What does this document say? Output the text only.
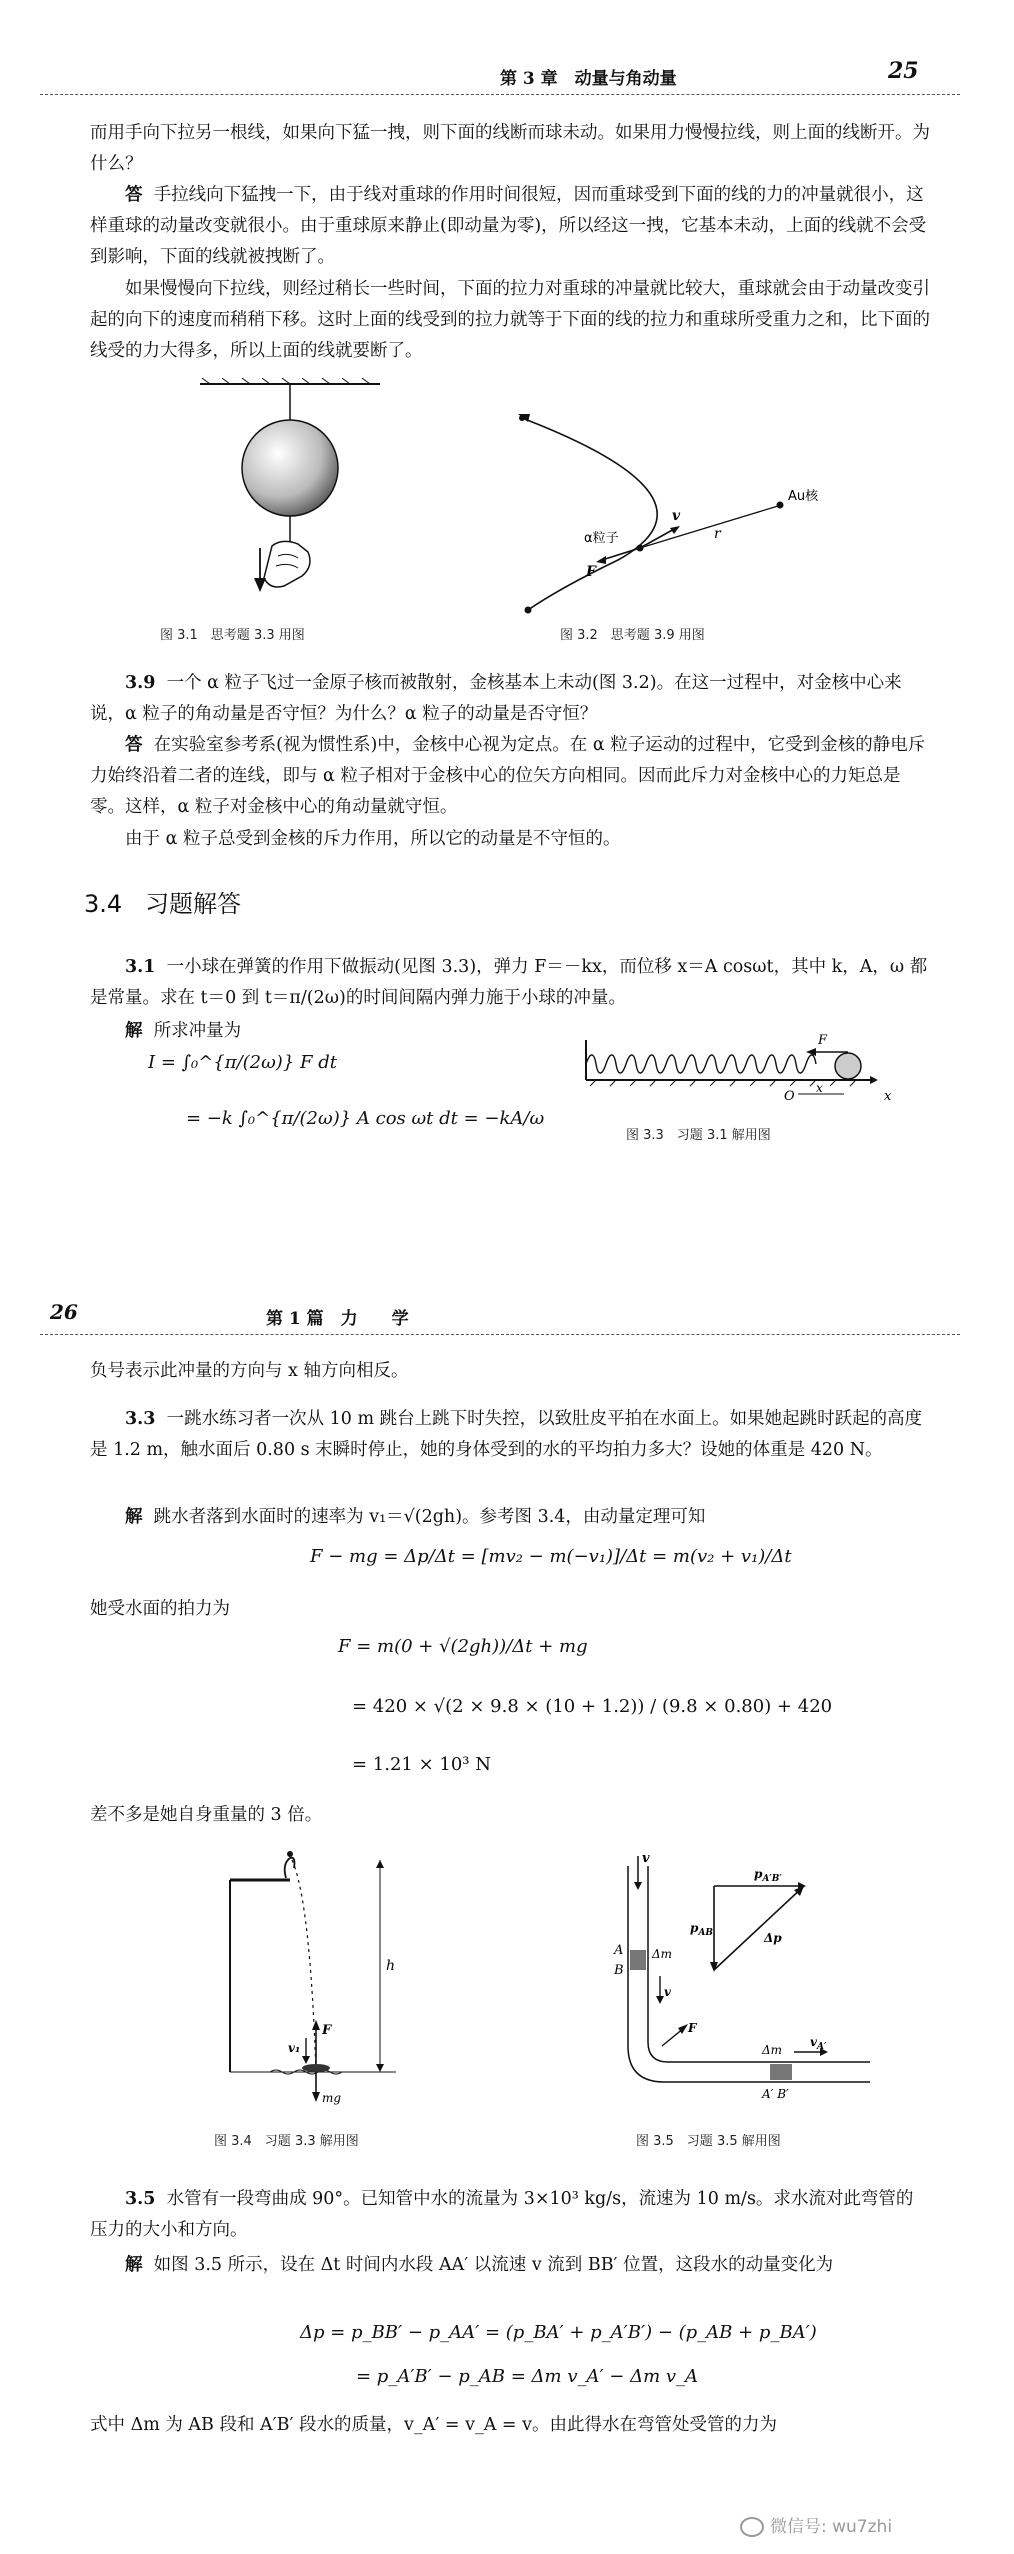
第 3 章　动量与角动量	25
而用手向下拉另一根线，如果向下猛一拽，则下面的线断而球未动。如果用力慢慢拉线，则上面的线断开。为什么？
答 手拉线向下猛拽一下，由于线对重球的作用时间很短，因而重球受到下面的线的力的冲量就很小，这样重球的动量改变就很小。由于重球原来静止(即动量为零)，所以经这一拽，它基本未动，上面的线就不会受到影响，下面的线就被拽断了。
如果慢慢向下拉线，则经过稍长一些时间，下面的拉力对重球的冲量就比较大，重球就会由于动量改变引起的向下的速度而稍稍下移。这时上面的线受到的拉力就等于下面的线的拉力和重球所受重力之和，比下面的线受的力大得多，所以上面的线就要断了。
图 3.1　思考题 3.3 用图
α粒子
v
r
F
Au核
图 3.2　思考题 3.9 用图
3.9 一个 α 粒子飞过一金原子核而被散射，金核基本上未动(图 3.2)。在这一过程中，对金核中心来说，α 粒子的角动量是否守恒？为什么？α 粒子的动量是否守恒？
答 在实验室参考系(视为惯性系)中，金核中心视为定点。在 α 粒子运动的过程中，它受到金核的静电斥力始终沿着二者的连线，即与 α 粒子相对于金核中心的位矢方向相同。因而此斥力对金核中心的力矩总是零。这样，α 粒子对金核中心的角动量就守恒。
由于 α 粒子总受到金核的斥力作用，所以它的动量是不守恒的。
3.4 习题解答
3.1 一小球在弹簧的作用下做振动(见图 3.3)，弹力 F＝－kx，而位移 x＝A cosωt，其中 k，A，ω 都是常量。求在 t＝0 到 t＝π/(2ω)的时间间隔内弹力施于小球的冲量。
解 所求冲量为
I = ∫₀^{π/(2ω)} F dt
= −k ∫₀^{π/(2ω)} A cos ωt dt = −kA/ω
F
O
x
x
图 3.3　习题 3.1 解用图
26	第 1 篇　力　　学
负号表示此冲量的方向与 x 轴方向相反。
3.3 一跳水练习者一次从 10 m 跳台上跳下时失控，以致肚皮平拍在水面上。如果她起跳时跃起的高度是 1.2 m，触水面后 0.80 s 末瞬时停止，她的身体受到的水的平均拍力多大？设她的体重是 420 N。
解 跳水者落到水面时的速率为 v₁＝√(2gh)。参考图 3.4，由动量定理可知
F − mg = Δp/Δt = [mv₂ − m(−v₁)]/Δt = m(v₂ + v₁)/Δt
她受水面的拍力为
F = m(0 + √(2gh))/Δt + mg
= 420 × √(2 × 9.8 × (10 + 1.2)) / (9.8 × 0.80) + 420
= 1.21 × 10³ N
差不多是她自身重量的 3 倍。
h
F
v₁
mg
图 3.4　习题 3.3 解用图
v
A
B
Δm
v
$p_{AB}$
$p_{A'B'}$
Δp
F
Δm
$v_{A'}$
A′ B′
图 3.5　习题 3.5 解用图
3.5 水管有一段弯曲成 90°。已知管中水的流量为 3×10³ kg/s，流速为 10 m/s。求水流对此弯管的压力的大小和方向。
解 如图 3.5 所示，设在 Δt 时间内水段 AA′ 以流速 v 流到 BB′ 位置，这段水的动量变化为
Δp = p_BB′ − p_AA′ = (p_BA′ + p_A′B′) − (p_AB + p_BA′)
= p_A′B′ − p_AB = Δm v_A′ − Δm v_A
式中 Δm 为 AB 段和 A′B′ 段水的质量，v_A′ = v_A = v。由此得水在弯管处受管的力为
微信号: wu7zhi
